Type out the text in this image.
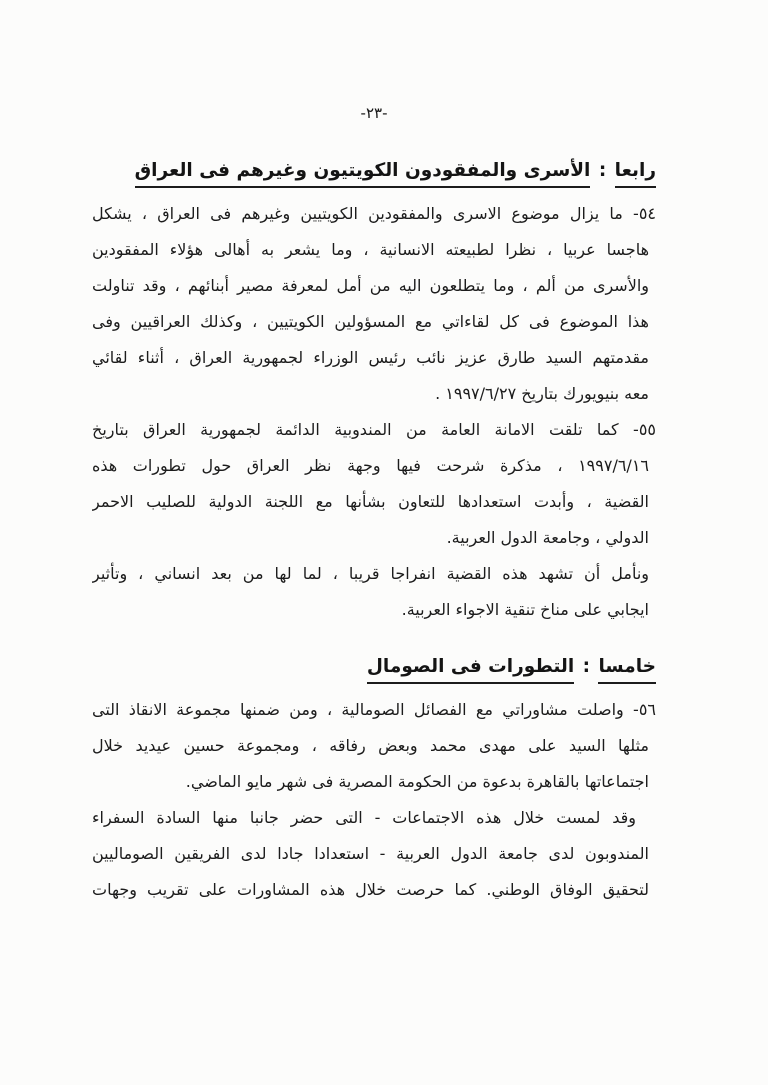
-٢٣-
رابعا : الأسرى والمفقودون الكويتيون وغيرهم فى العراق
٥٤- ما يزال موضوع الاسرى والمفقودين الكويتيين وغيرهم فى العراق ، يشكل
هاجسا عربيا ، نظرا لطبيعته الانسانية ، وما يشعر به أهالى هؤلاء المفقودين
والأسرى من ألم ، وما يتطلعون اليه من أمل لمعرفة مصير أبنائهم ، وقد تناولت
هذا الموضوع فى كل لقاءاتي مع المسؤولين الكويتيين ، وكذلك العراقيين وفى
مقدمتهم السيد طارق عزيز نائب رئيس الوزراء لجمهورية العراق ، أثناء لقائي
معه بنيويورك بتاريخ ١٩٩٧/٦/٢٧ .
٥٥- كما تلقت الامانة العامة من المندوبية الدائمة لجمهورية العراق بتاريخ
١٩٩٧/٦/١٦ ، مذكرة شرحت فيها وجهة نظر العراق حول تطورات هذه
القضية ، وأبدت استعدادها للتعاون بشأنها مع اللجنة الدولية للصليب الاحمر
الدولي ، وجامعة الدول العربية.
ونأمل أن تشهد هذه القضية انفراجا قريبا ، لما لها من بعد انساني ، وتأثير
ايجابي على مناخ تنقية الاجواء العربية.
خامسا : التطورات فى الصومال
٥٦- واصلت مشاوراتي مع الفصائل الصومالية ، ومن ضمنها مجموعة الانقاذ التى
مثلها السيد على مهدى محمد وبعض رفاقه ، ومجموعة حسين عيديد خلال
اجتماعاتها بالقاهرة بدعوة من الحكومة المصرية فى شهر مايو الماضي.
وقد لمست خلال هذه الاجتماعات - التى حضر جانبا منها السادة السفراء
المندوبون لدى جامعة الدول العربية - استعدادا جادا لدى الفريقين الصوماليين
لتحقيق الوفاق الوطني. كما حرصت خلال هذه المشاورات على تقريب وجهات
